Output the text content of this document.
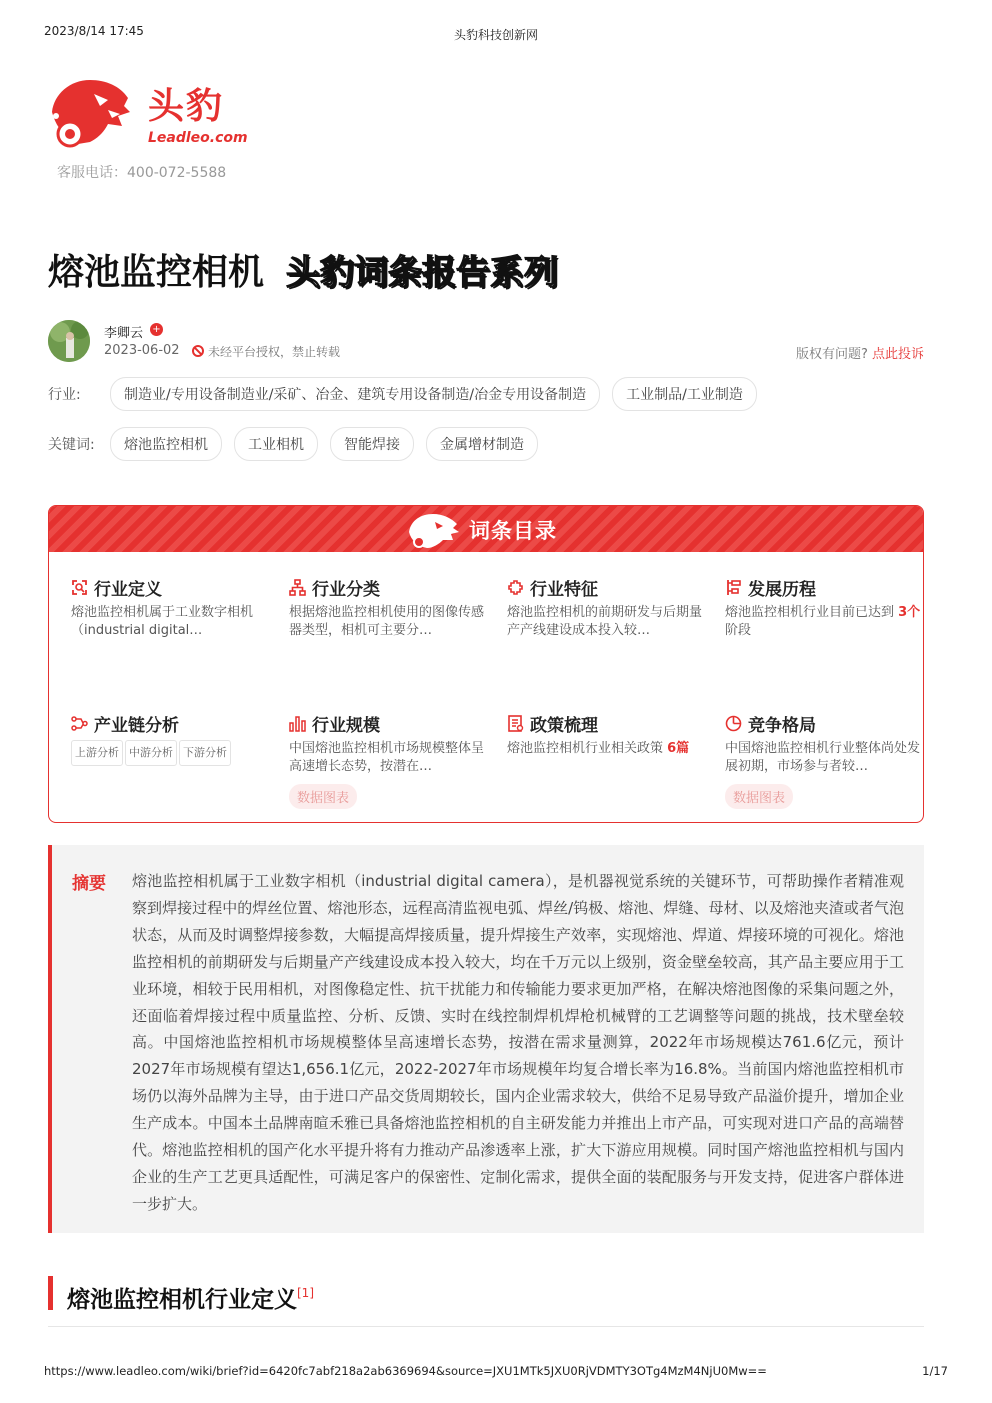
2023/8/14 17:45	头豹科技创新网
头豹
Leadleo.com
客服电话：400-072-5588
熔池监控相机 头豹词条报告系列
李卿云 +
2023-06-02	未经平台授权，禁止转载	版权有问题? 点此投诉
行业:	制造业/专用设备制造业/采矿、冶金、建筑专用设备制造/冶金专用设备制造	工业制品/工业制造
关键词:	熔池监控相机	工业相机	智能焊接	金属增材制造
词条目录
行业定义
熔池监控相机属于工业数字相机（industrial digital…
行业分类
根据熔池监控相机使用的图像传感器类型，相机可主要分…
行业特征
熔池监控相机的前期研发与后期量产产线建设成本投入较…
发展历程
熔池监控相机行业目前已达到 3个阶段
产业链分析
上游分析 中游分析 下游分析
行业规模
中国熔池监控相机市场规模整体呈高速增长态势，按潜在…
数据图表
政策梳理
熔池监控相机行业相关政策 6篇
竞争格局
中国熔池监控相机行业整体尚处发展初期，市场参与者较…
数据图表
摘要 熔池监控相机属于工业数字相机（industrial digital camera），是机器视觉系统的关键环节，可帮助操作者精准观察到焊接过程中的焊丝位置、熔池形态，远程高清监视电弧、焊丝/钨极、熔池、焊缝、母材、以及熔池夹渣或者气泡状态，从而及时调整焊接参数，大幅提高焊接质量，提升焊接生产效率，实现熔池、焊道、焊接环境的可视化。熔池监控相机的前期研发与后期量产产线建设成本投入较大，均在千万元以上级别，资金壁垒较高，其产品主要应用于工业环境，相较于民用相机，对图像稳定性、抗干扰能力和传输能力要求更加严格，在解决熔池图像的采集问题之外，还面临着焊接过程中质量监控、分析、反馈、实时在线控制焊机焊枪机械臂的工艺调整等问题的挑战，技术壁垒较高。中国熔池监控相机市场规模整体呈高速增长态势，按潜在需求量测算，2022年市场规模达761.6亿元，预计2027年市场规模有望达1,656.1亿元，2022-2027年市场规模年均复合增长率为16.8%。当前国内熔池监控相机市场仍以海外品牌为主导，由于进口产品交货周期较长，国内企业需求较大，供给不足易导致产品溢价提升，增加企业生产成本。中国本土品牌南暄禾雅已具备熔池监控相机的自主研发能力并推出上市产品，可实现对进口产品的高端替代。熔池监控相机的国产化水平提升将有力推动产品渗透率上涨，扩大下游应用规模。同时国产熔池监控相机与国内企业的生产工艺更具适配性，可满足客户的保密性、定制化需求，提供全面的装配服务与开发支持，促进客户群体进一步扩大。
熔池监控相机行业定义[1]
https://www.leadleo.com/wiki/brief?id=6420fc7abf218a2ab6369694&source=JXU1MTk5JXU0RjVDMTY3OTg4MzM4NjU0Mw==	1/17
